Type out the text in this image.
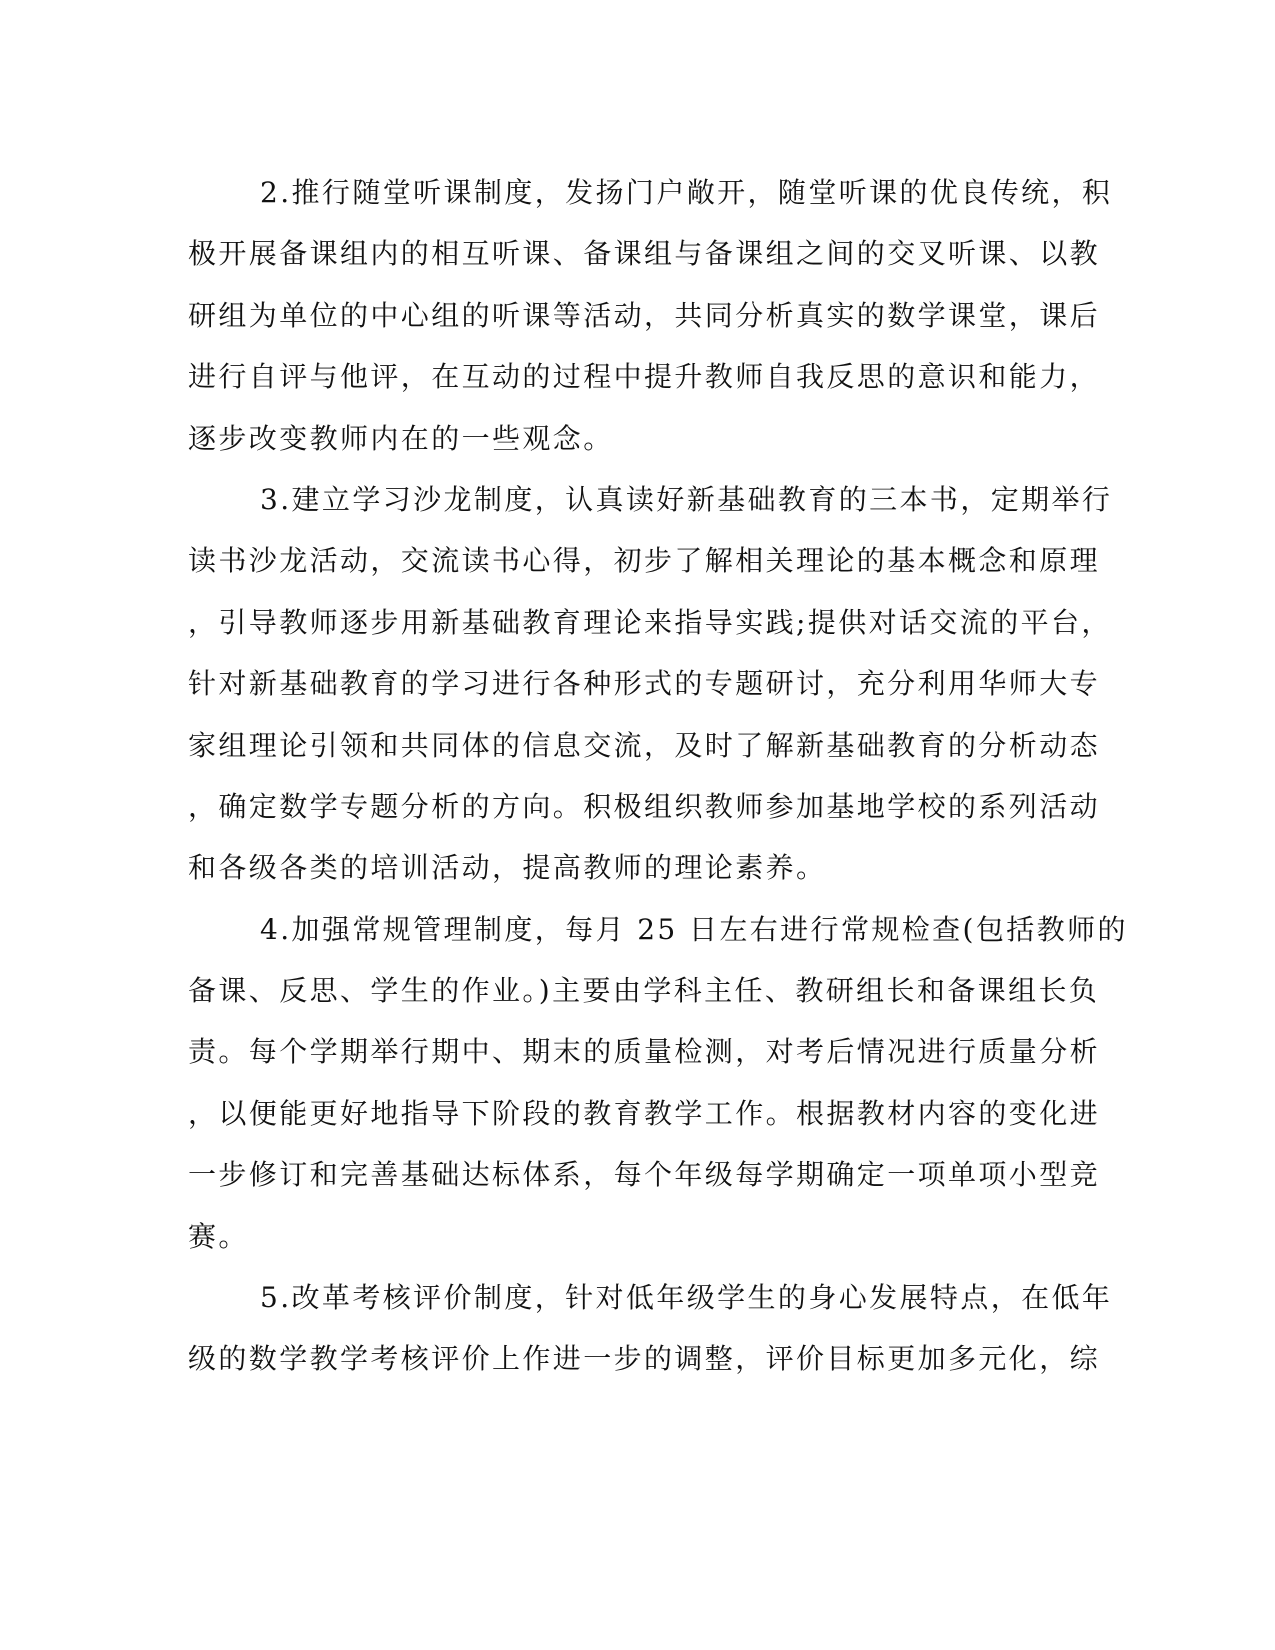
2.推行随堂听课制度，发扬门户敞开，随堂听课的优良传统，积
极开展备课组内的相互听课、备课组与备课组之间的交叉听课、以教
研组为单位的中心组的听课等活动，共同分析真实的数学课堂，课后
进行自评与他评，在互动的过程中提升教师自我反思的意识和能力，
逐步改变教师内在的一些观念。
3.建立学习沙龙制度，认真读好新基础教育的三本书，定期举行
读书沙龙活动，交流读书心得，初步了解相关理论的基本概念和原理
，引导教师逐步用新基础教育理论来指导实践;提供对话交流的平台，
针对新基础教育的学习进行各种形式的专题研讨，充分利用华师大专
家组理论引领和共同体的信息交流，及时了解新基础教育的分析动态
，确定数学专题分析的方向。积极组织教师参加基地学校的系列活动
和各级各类的培训活动，提高教师的理论素养。
4.加强常规管理制度，每月 25 日左右进行常规检查(包括教师的
备课、反思、学生的作业。)主要由学科主任、教研组长和备课组长负
责。每个学期举行期中、期末的质量检测，对考后情况进行质量分析
，以便能更好地指导下阶段的教育教学工作。根据教材内容的变化进
一步修订和完善基础达标体系，每个年级每学期确定一项单项小型竞
赛。
5.改革考核评价制度，针对低年级学生的身心发展特点，在低年
级的数学教学考核评价上作进一步的调整，评价目标更加多元化，综
